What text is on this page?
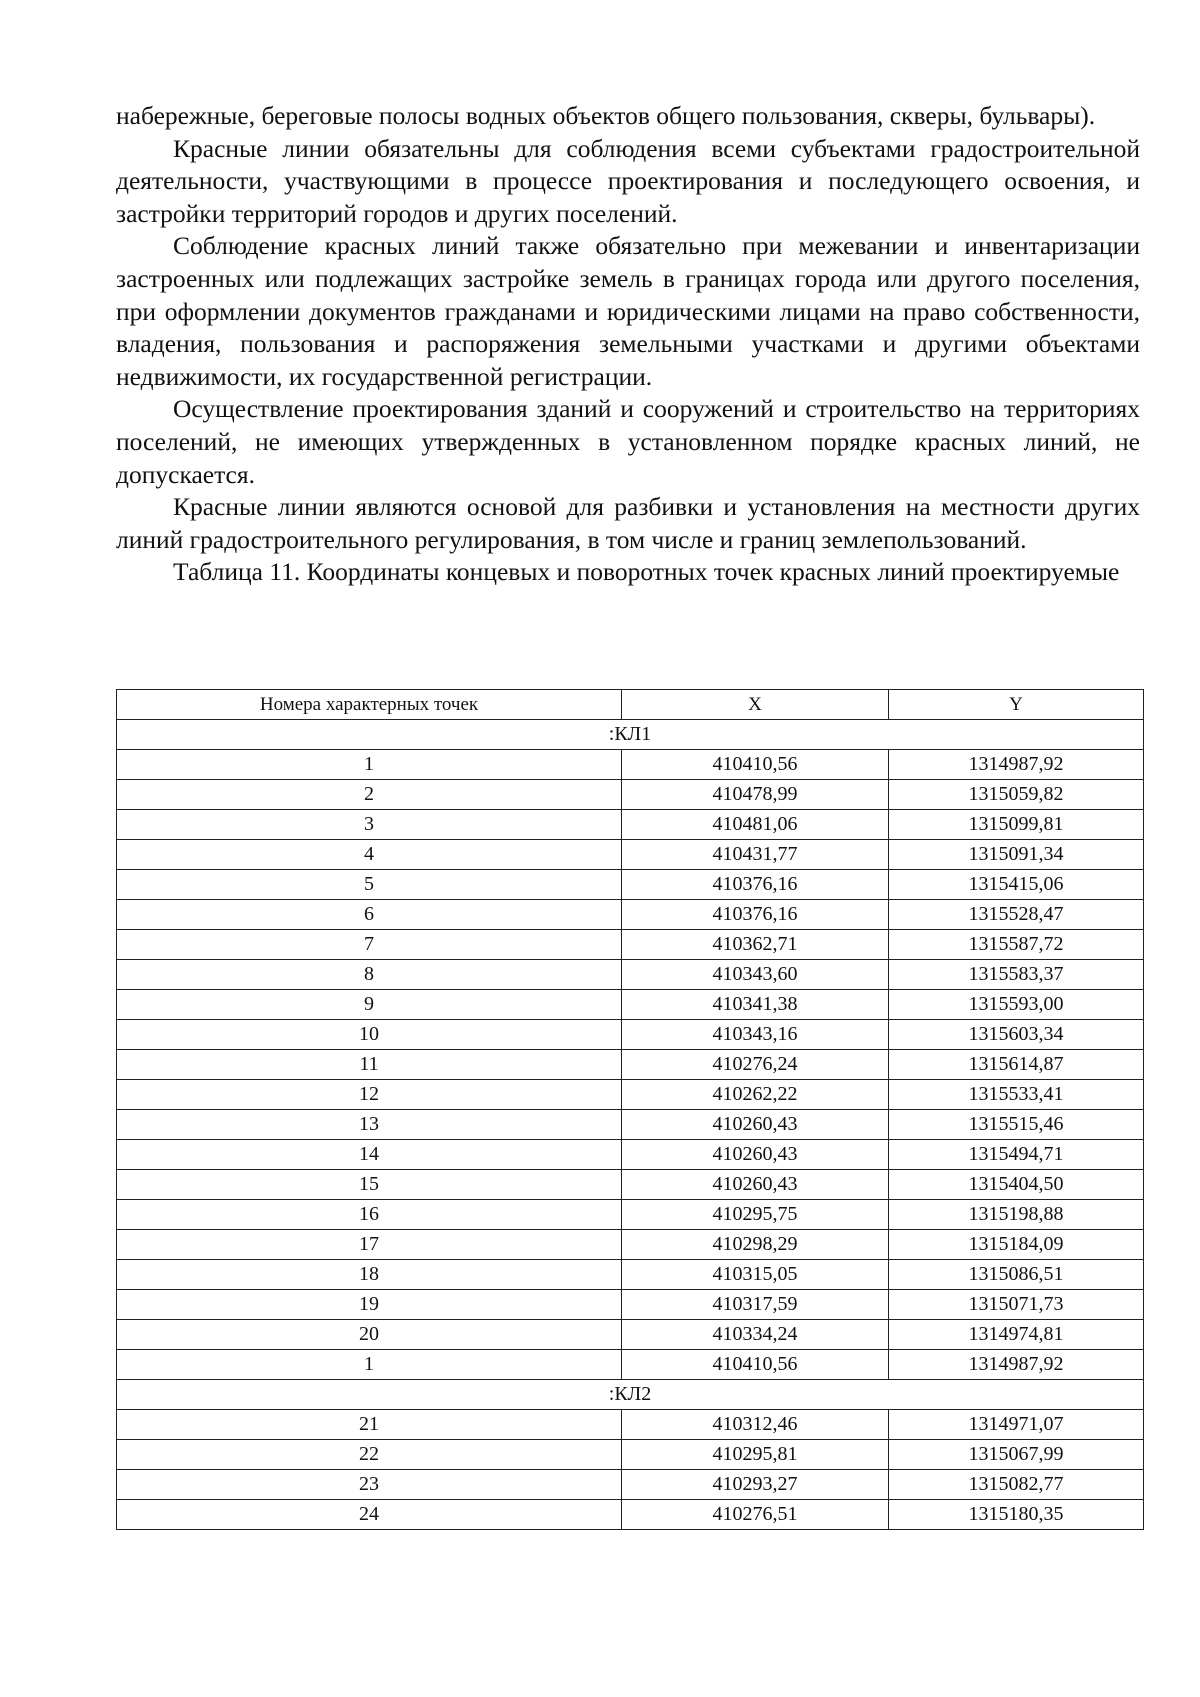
набережные, береговые полосы водных объектов общего пользования, скверы, бульвары).

Красные линии обязательны для соблюдения всеми субъектами градостроительной деятельности, участвующими в процессе проектирования и последующего освоения, и застройки территорий городов и других поселений.

Соблюдение красных линий также обязательно при межевании и инвентаризации застроенных или подлежащих застройке земель в границах города или другого поселения, при оформлении документов гражданами и юридическими лицами на право собственности, владения, пользования и распоряжения земельными участками и другими объектами недвижимости, их государственной регистрации.

Осуществление проектирования зданий и сооружений и строительство на территориях поселений, не имеющих утвержденных в установленном порядке красных линий, не допускается.

Красные линии являются основой для разбивки и установления на местности других линий градостроительного регулирования, в том числе и границ землепользований.

Таблица 11. Координаты концевых и поворотных точек красных линий проектируемые

Номера характерных точек	X	Y
:КЛ1		
1	410410,56	1314987,92
2	410478,99	1315059,82
3	410481,06	1315099,81
4	410431,77	1315091,34
5	410376,16	1315415,06
6	410376,16	1315528,47
7	410362,71	1315587,72
8	410343,60	1315583,37
9	410341,38	1315593,00
10	410343,16	1315603,34
11	410276,24	1315614,87
12	410262,22	1315533,41
13	410260,43	1315515,46
14	410260,43	1315494,71
15	410260,43	1315404,50
16	410295,75	1315198,88
17	410298,29	1315184,09
18	410315,05	1315086,51
19	410317,59	1315071,73
20	410334,24	1314974,81
1	410410,56	1314987,92
:КЛ2		
21	410312,46	1314971,07
22	410295,81	1315067,99
23	410293,27	1315082,77
24	410276,51	1315180,35
